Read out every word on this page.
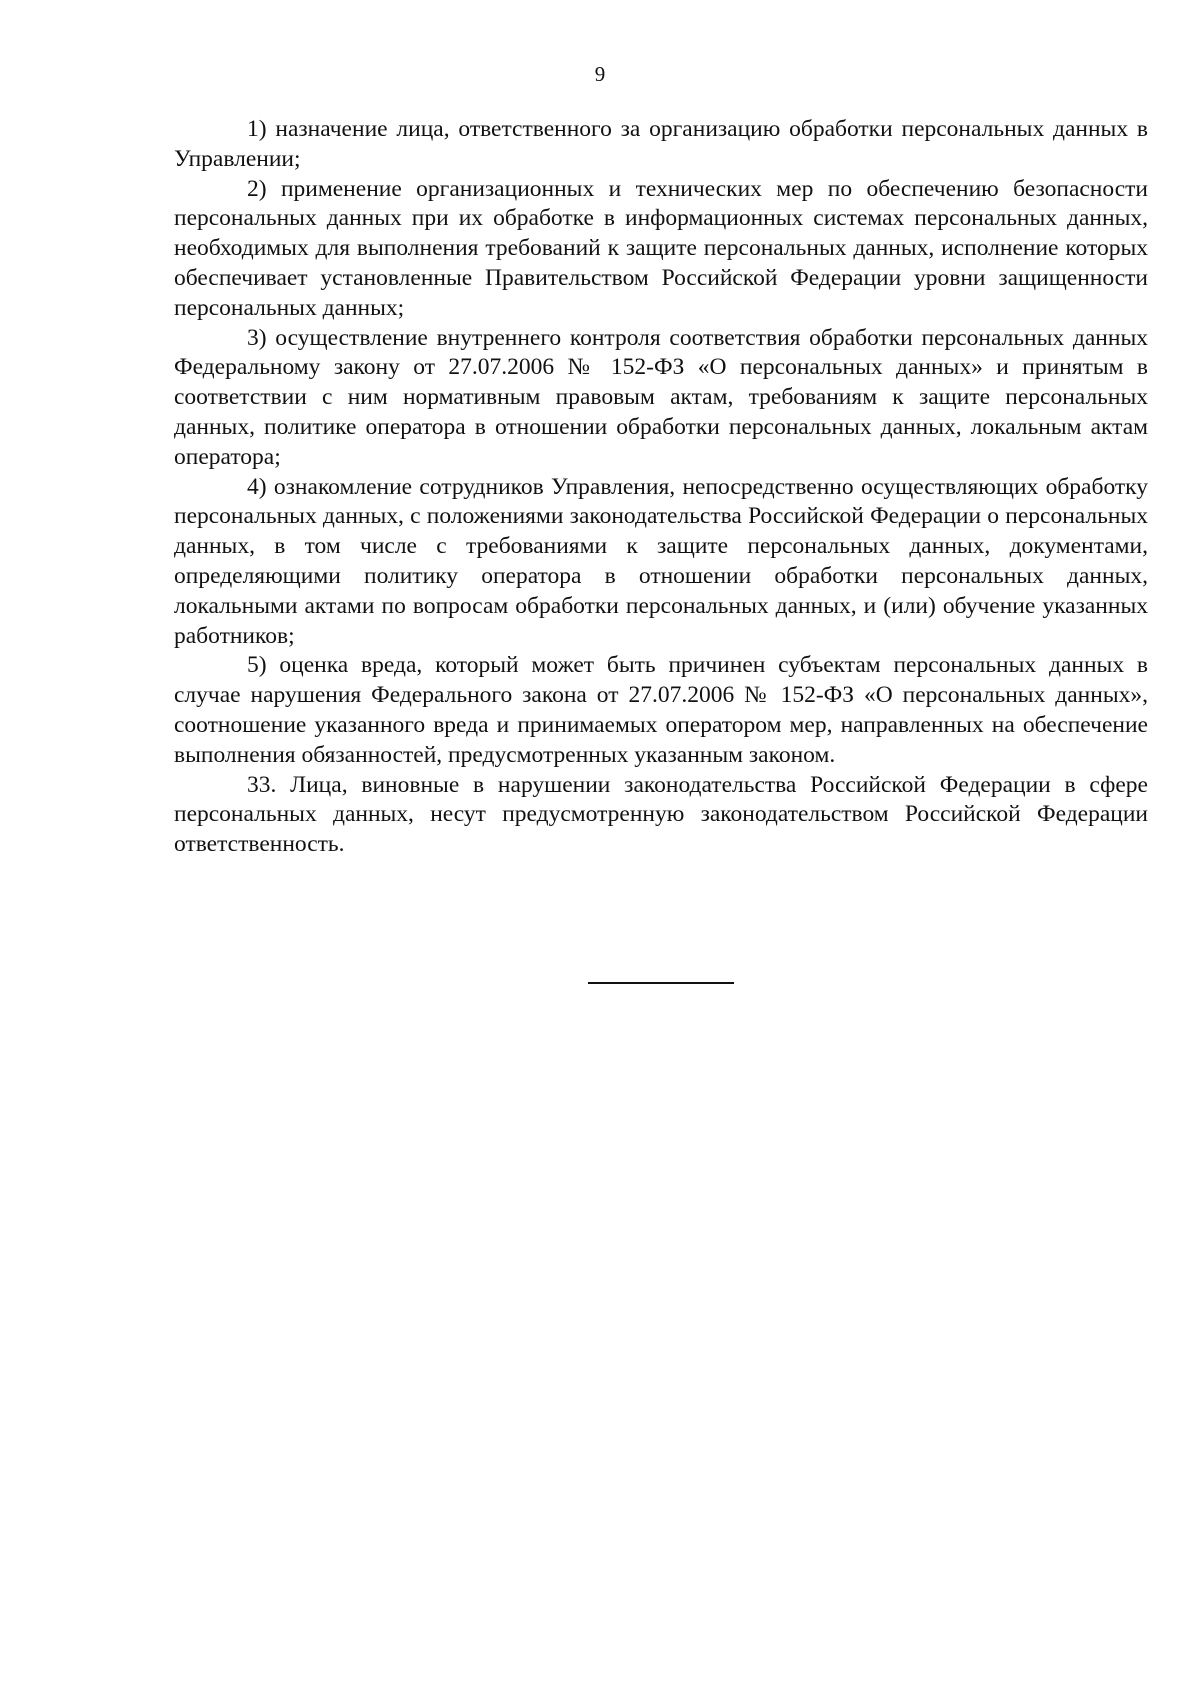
9

1) назначение лица, ответственного за организацию обработки персональных данных в Управлении;

2) применение организационных и технических мер по обеспечению безопасности персональных данных при их обработке в информационных системах персональных данных, необходимых для выполнения требований к защите персональных данных, исполнение которых обеспечивает установленные Правительством Российской Федерации уровни защищенности персональных данных;

3) осуществление внутреннего контроля соответствия обработки персональных данных Федеральному закону от 27.07.2006 № 152-ФЗ «О персональных данных» и принятым в соответствии с ним нормативным правовым актам, требованиям к защите персональных данных, политике оператора в отношении обработки персональных данных, локальным актам оператора;

4) ознакомление сотрудников Управления, непосредственно осуществляющих обработку персональных данных, с положениями законодательства Российской Федерации о персональных данных, в том числе с требованиями к защите персональных данных, документами, определяющими политику оператора в отношении обработки персональных данных, локальными актами по вопросам обработки персональных данных, и (или) обучение указанных работников;

5) оценка вреда, который может быть причинен субъектам персональных данных в случае нарушения Федерального закона от 27.07.2006 № 152-ФЗ «О персональных данных», соотношение указанного вреда и принимаемых оператором мер, направленных на обеспечение выполнения обязанностей, предусмотренных указанным законом.

33. Лица, виновные в нарушении законодательства Российской Федерации в сфере персональных данных, несут предусмотренную законодательством Российской Федерации ответственность.
